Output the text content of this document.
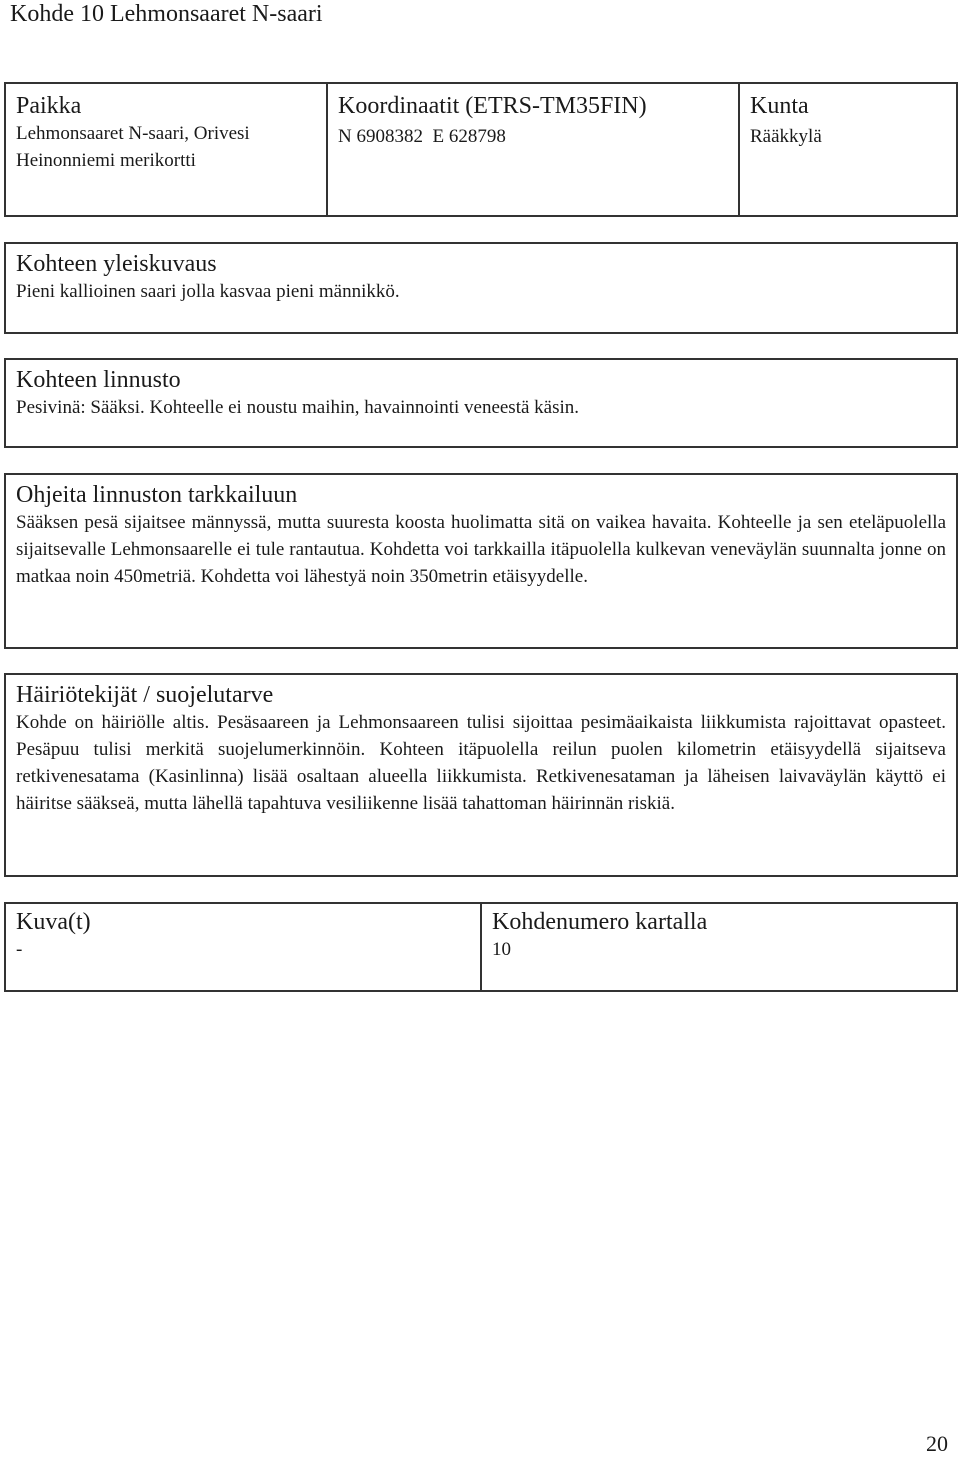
Kohde 10 Lehmonsaaret N-saari
Paikka
Lehmonsaaret N-saari, Orivesi
Heinonniemi merikortti
Koordinaatit (ETRS-TM35FIN)
N 6908382  E 628798
Kunta
Rääkkylä
Kohteen yleiskuvaus
Pieni kallioinen saari jolla kasvaa pieni männikkö.
Kohteen linnusto
Pesivinä: Sääksi. Kohteelle ei noustu maihin, havainnointi veneestä käsin.
Ohjeita linnuston tarkkailuun
Sääksen pesä sijaitsee männyssä, mutta suuresta koosta huolimatta sitä on vaikea havaita. Kohteelle ja sen eteläpuolella sijaitsevalle Lehmonsaarelle ei tule rantautua. Kohdetta voi tarkkailla itäpuolella kulkevan veneväylän suunnalta jonne on matkaa noin 450metriä. Kohdetta voi lähestyä noin 350metrin etäisyydelle.
Häiriötekijät / suojelutarve
Kohde on häiriölle altis. Pesäsaareen ja Lehmonsaareen tulisi sijoittaa pesimäaikaista liikkumista rajoittavat opasteet. Pesäpuu tulisi merkitä suojelumerkinnöin. Kohteen itäpuolella reilun puolen kilometrin etäisyydellä sijaitseva retkivenesatama (Kasinlinna) lisää osaltaan alueella liikkumista. Retkivenesataman ja läheisen laivaväylän käyttö ei häiritse sääkseä, mutta lähellä tapahtuva vesiliikenne lisää tahattoman häirinnän riskiä.
Kuva(t)
-
Kohdenumero kartalla
10
20
